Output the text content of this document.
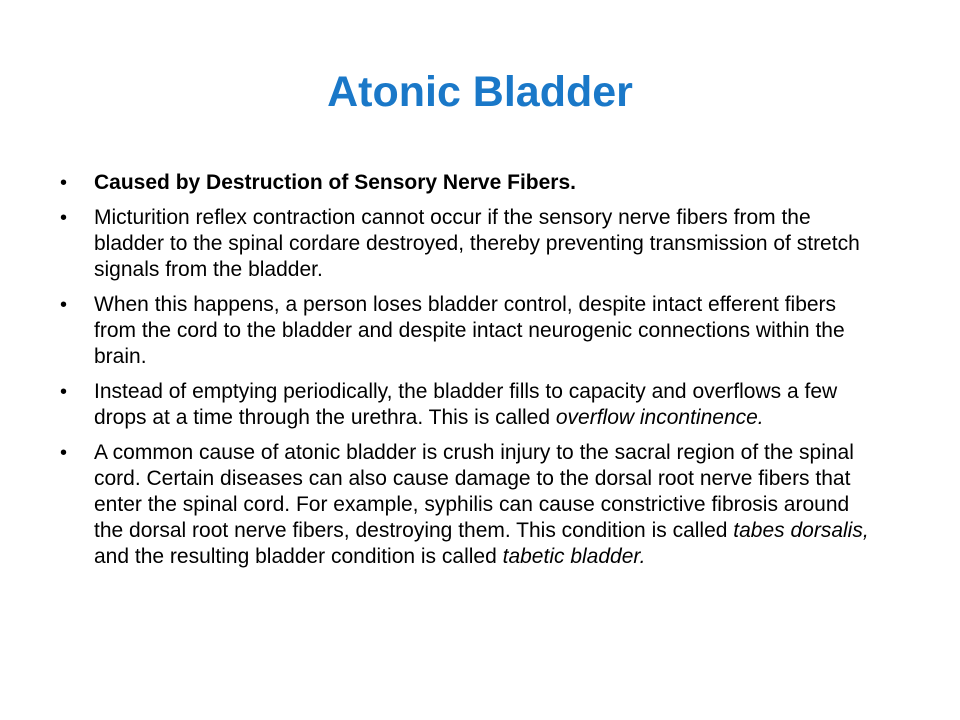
Atonic Bladder
• Caused by Destruction of Sensory Nerve Fibers.
• Micturition reflex contraction cannot occur if the sensory nerve fibers from the bladder to the spinal cordare destroyed, thereby preventing transmission of stretch signals from the bladder.
• When this happens, a person loses bladder control, despite intact efferent fibers from the cord to the bladder and despite intact neurogenic connections within the brain.
• Instead of emptying periodically, the bladder fills to capacity and overflows a few drops at a time through the urethra. This is called overflow incontinence.
• A common cause of atonic bladder is crush injury to the sacral region of the spinal cord. Certain diseases can also cause damage to the dorsal root nerve fibers that enter the spinal cord. For example, syphilis can cause constrictive fibrosis around the dorsal root nerve fibers, destroying them. This condition is called tabes dorsalis, and the resulting bladder condition is called tabetic bladder.
